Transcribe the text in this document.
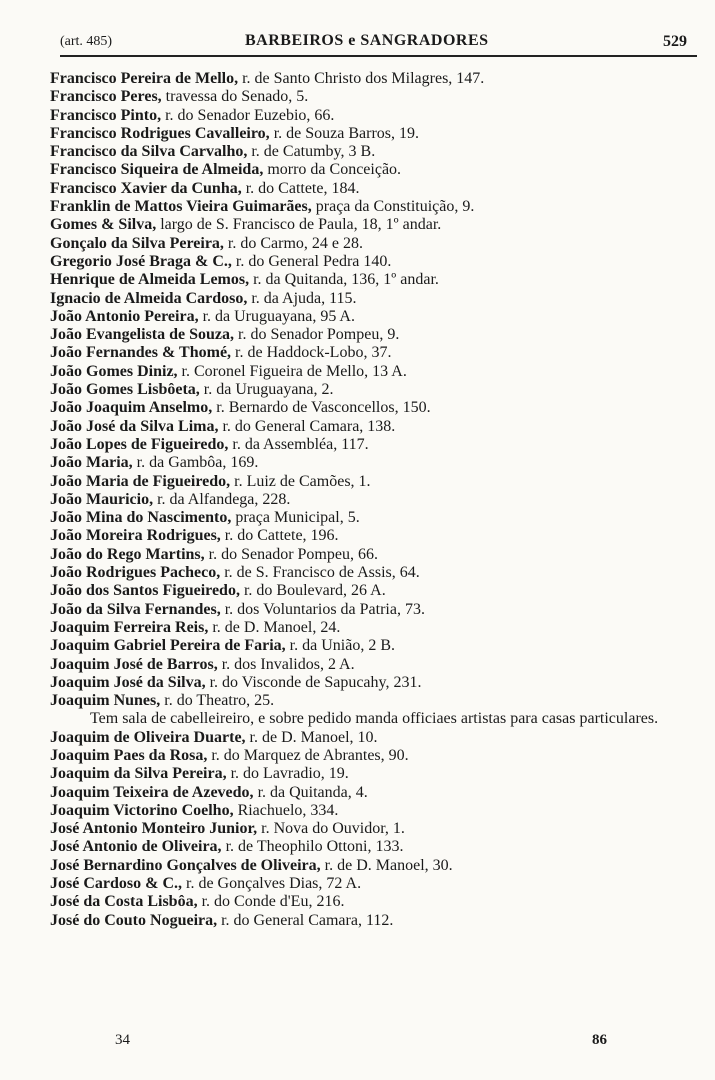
(art. 485)	BARBEIROS e SANGRADORES	529
Francisco Pereira de Mello, r. de Santo Christo dos Milagres, 147.
Francisco Peres, travessa do Senado, 5.
Francisco Pinto, r. do Senador Euzebio, 66.
Francisco Rodrigues Cavalleiro, r. de Souza Barros, 19.
Francisco da Silva Carvalho, r. de Catumby, 3 B.
Francisco Siqueira de Almeida, morro da Conceição.
Francisco Xavier da Cunha, r. do Cattete, 184.
Franklin de Mattos Vieira Guimarães, praça da Constituição, 9.
Gomes & Silva, largo de S. Francisco de Paula, 18, 1º andar.
Gonçalo da Silva Pereira, r. do Carmo, 24 e 28.
Gregorio José Braga & C., r. do General Pedra 140.
Henrique de Almeida Lemos, r. da Quitanda, 136, 1º andar.
Ignacio de Almeida Cardoso, r. da Ajuda, 115.
João Antonio Pereira, r. da Uruguayana, 95 A.
João Evangelista de Souza, r. do Senador Pompeu, 9.
João Fernandes & Thomé, r. de Haddock-Lobo, 37.
João Gomes Diniz, r. Coronel Figueira de Mello, 13 A.
João Gomes Lisbôeta, r. da Uruguayana, 2.
João Joaquim Anselmo, r. Bernardo de Vasconcellos, 150.
João José da Silva Lima, r. do General Camara, 138.
João Lopes de Figueiredo, r. da Assembléa, 117.
João Maria, r. da Gambôa, 169.
João Maria de Figueiredo, r. Luiz de Camões, 1.
João Mauricio, r. da Alfandega, 228.
João Mina do Nascimento, praça Municipal, 5.
João Moreira Rodrigues, r. do Cattete, 196.
João do Rego Martins, r. do Senador Pompeu, 66.
João Rodrigues Pacheco, r. de S. Francisco de Assis, 64.
João dos Santos Figueiredo, r. do Boulevard, 26 A.
João da Silva Fernandes, r. dos Voluntarios da Patria, 73.
Joaquim Ferreira Reis, r. de D. Manoel, 24.
Joaquim Gabriel Pereira de Faria, r. da União, 2 B.
Joaquim José de Barros, r. dos Invalidos, 2 A.
Joaquim José da Silva, r. do Visconde de Sapucahy, 231.
Joaquim Nunes, r. do Theatro, 25.
Tem sala de cabelleireiro, e sobre pedido manda officiaes artistas para casas particulares.
Joaquim de Oliveira Duarte, r. de D. Manoel, 10.
Joaquim Paes da Rosa, r. do Marquez de Abrantes, 90.
Joaquim da Silva Pereira, r. do Lavradio, 19.
Joaquim Teixeira de Azevedo, r. da Quitanda, 4.
Joaquim Victorino Coelho, Riachuelo, 334.
José Antonio Monteiro Junior, r. Nova do Ouvidor, 1.
José Antonio de Oliveira, r. de Theophilo Ottoni, 133.
José Bernardino Gonçalves de Oliveira, r. de D. Manoel, 30.
José Cardoso & C., r. de Gonçalves Dias, 72 A.
José da Costa Lisbôa, r. do Conde d'Eu, 216.
José do Couto Nogueira, r. do General Camara, 112.
34	86
